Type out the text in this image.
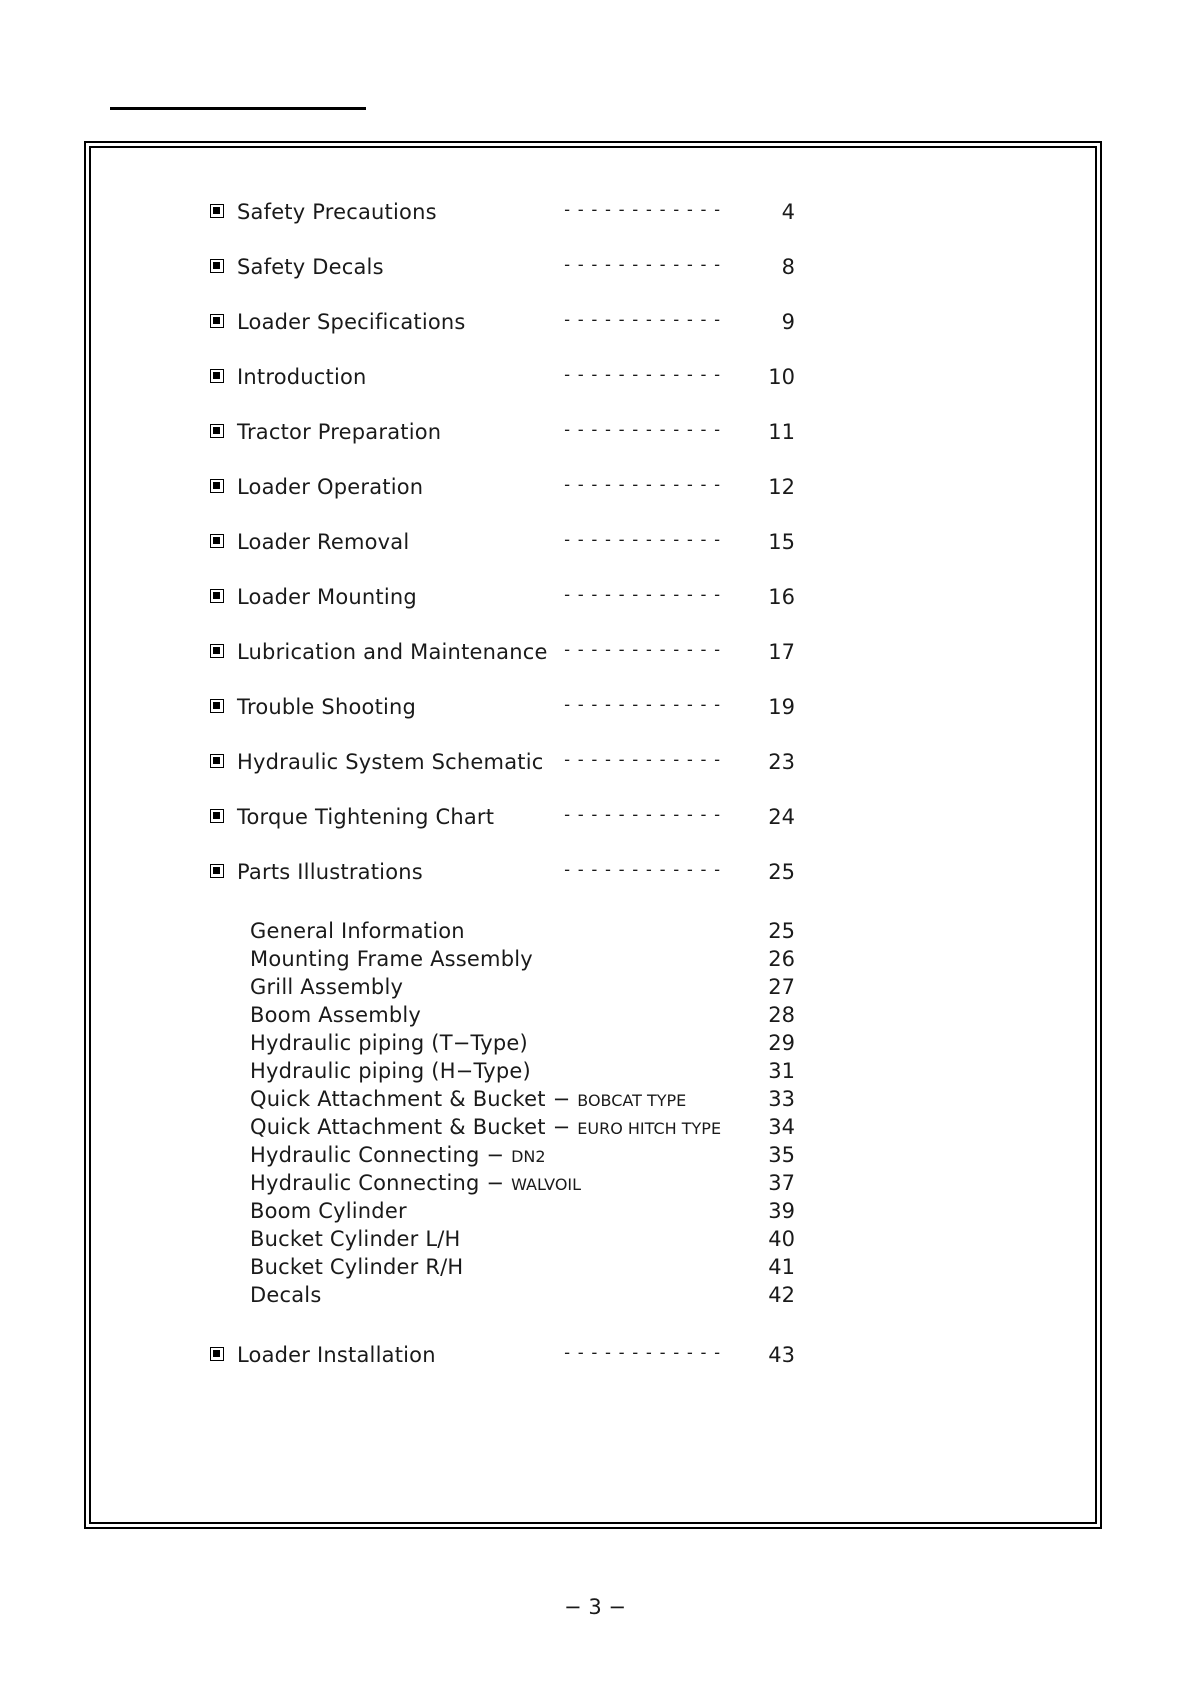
Safety Precautions	------------	4
Safety Decals	------------	8
Loader Specifications	------------	9
Introduction	------------	10
Tractor Preparation	------------	11
Loader Operation	------------	12
Loader Removal	------------	15
Loader Mounting	------------	16
Lubrication and Maintenance ------------	17
Trouble Shooting	------------	19
Hydraulic System Schematic ------------	23
Torque Tightening Chart	------------	24
Parts Illustrations	------------	25
General Information	25
Mounting Frame Assembly	26
Grill Assembly	27
Boom Assembly	28
Hydraulic piping (T−Type)	29
Hydraulic piping (H−Type)	31
Quick Attachment & Bucket − BOBCAT TYPE	33
Quick Attachment & Bucket − EURO HITCH TYPE	34
Hydraulic Connecting − DN2	35
Hydraulic Connecting − WALVOIL	37
Boom Cylinder	39
Bucket Cylinder L/H	40
Bucket Cylinder R/H	41
Decals	42
Loader Installation	------------	43
− 3 −
